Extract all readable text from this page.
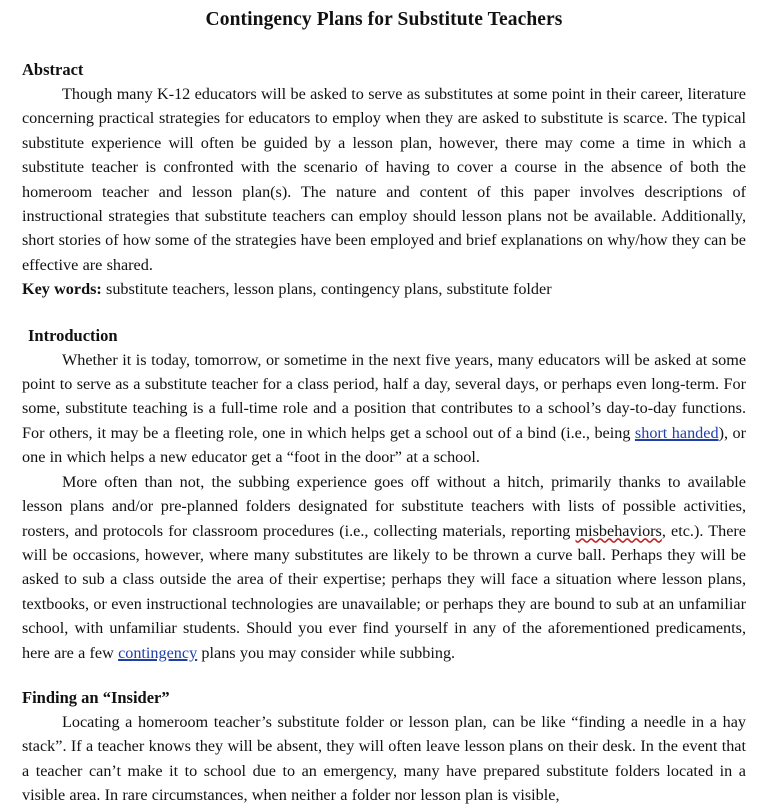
Contingency Plans for Substitute Teachers
Abstract

Though many K-12 educators will be asked to serve as substitutes at some point in their career, literature concerning practical strategies for educators to employ when they are asked to substitute is scarce. The typical substitute experience will often be guided by a lesson plan, however, there may come a time in which a substitute teacher is confronted with the scenario of having to cover a course in the absence of both the homeroom teacher and lesson plan(s). The nature and content of this paper involves descriptions of instructional strategies that substitute teachers can employ should lesson plans not be available. Additionally, short stories of how some of the strategies have been employed and brief explanations on why/how they can be effective are shared.

Key words: substitute teachers, lesson plans, contingency plans, substitute folder

Introduction

Whether it is today, tomorrow, or sometime in the next five years, many educators will be asked at some point to serve as a substitute teacher for a class period, half a day, several days, or perhaps even long-term. For some, substitute teaching is a full-time role and a position that contributes to a school’s day-to-day functions. For others, it may be a fleeting role, one in which helps get a school out of a bind (i.e., being short handed), or one in which helps a new educator get a “foot in the door” at a school.

More often than not, the subbing experience goes off without a hitch, primarily thanks to available lesson plans and/or pre-planned folders designated for substitute teachers with lists of possible activities, rosters, and protocols for classroom procedures (i.e., collecting materials, reporting misbehaviors, etc.). There will be occasions, however, where many substitutes are likely to be thrown a curve ball. Perhaps they will be asked to sub a class outside the area of their expertise; perhaps they will face a situation where lesson plans, textbooks, or even instructional technologies are unavailable; or perhaps they are bound to sub at an unfamiliar school, with unfamiliar students. Should you ever find yourself in any of the aforementioned predicaments, here are a few contingency plans you may consider while subbing.

Finding an “Insider”

Locating a homeroom teacher’s substitute folder or lesson plan, can be like “finding a needle in a hay stack”. If a teacher knows they will be absent, they will often leave lesson plans on their desk. In the event that a teacher can’t make it to school due to an emergency, many have prepared substitute folders located in a visible area. In rare circumstances, when neither a folder nor lesson plan is visible,
